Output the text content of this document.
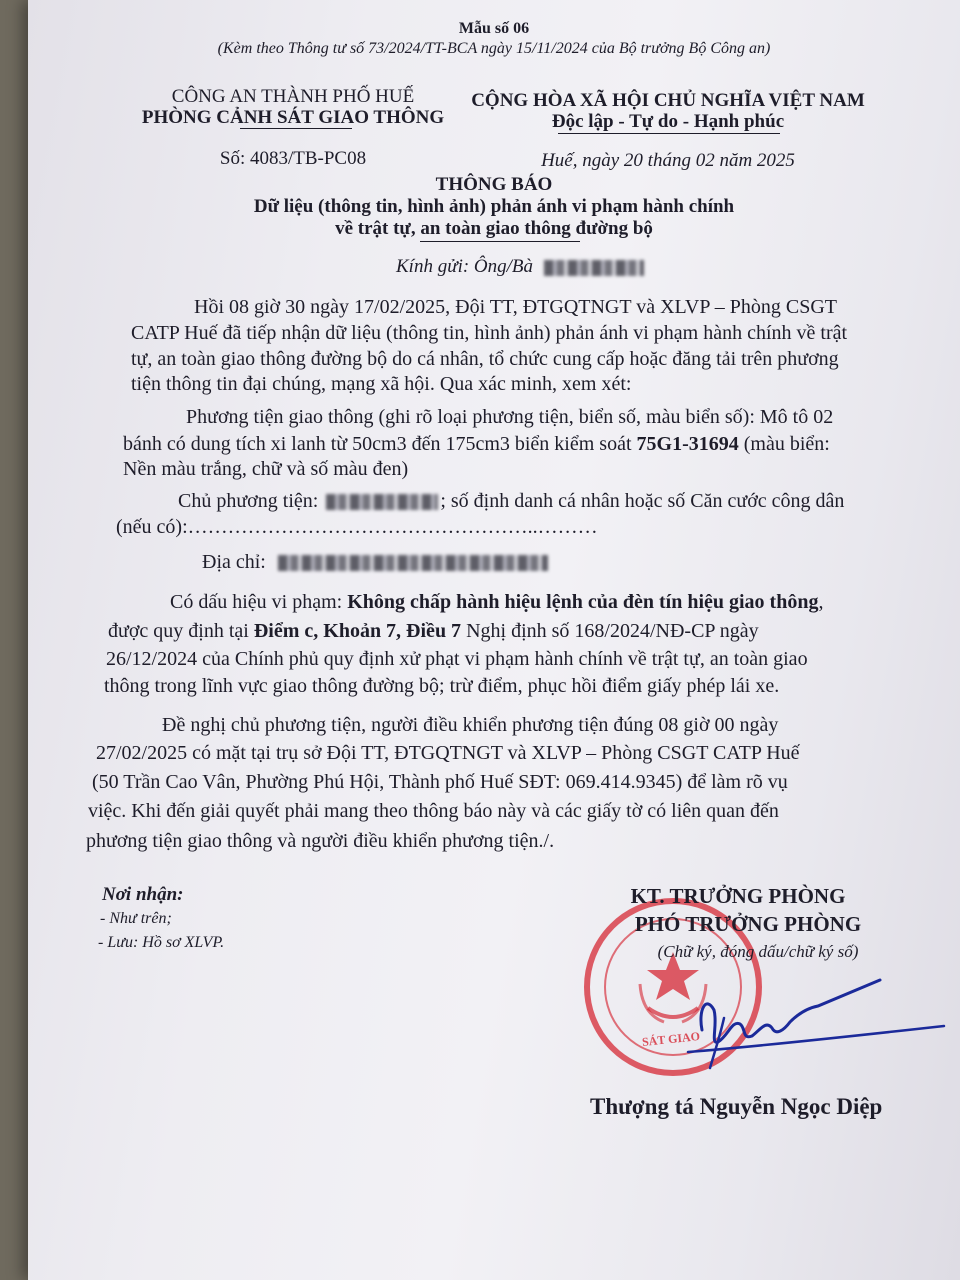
Mẫu số 06
(Kèm theo Thông tư số 73/2024/TT-BCA ngày 15/11/2024 của Bộ trưởng Bộ Công an)
CÔNG AN THÀNH PHỐ HUẾ
PHÒNG CẢNH SÁT GIAO THÔNG
Số: 4083/TB-PC08
CỘNG HÒA XÃ HỘI CHỦ NGHĨA VIỆT NAM
Độc lập - Tự do - Hạnh phúc
Huế, ngày 20 tháng 02 năm 2025
THÔNG BÁO
Dữ liệu (thông tin, hình ảnh) phản ánh vi phạm hành chính
về trật tự, an toàn giao thông đường bộ
Kính gửi: Ông/Bà
Hồi 08 giờ 30 ngày 17/02/2025, Đội TT, ĐTGQTNGT và XLVP – Phòng CSGT
CATP Huế đã tiếp nhận dữ liệu (thông tin, hình ảnh) phản ánh vi phạm hành chính về trật
tự, an toàn giao thông đường bộ do cá nhân, tổ chức cung cấp hoặc đăng tải trên phương
tiện thông tin đại chúng, mạng xã hội. Qua xác minh, xem xét:
Phương tiện giao thông (ghi rõ loại phương tiện, biển số, màu biển số): Mô tô 02
bánh có dung tích xi lanh từ 50cm3 đến 175cm3 biển kiểm soát 75G1-31694 (màu biển:
Nền màu trắng, chữ và số màu đen)
Chủ phương tiện:	; số định danh cá nhân hoặc số Căn cước công dân
(nếu có):……………………………………………..………
Địa chỉ:
Có dấu hiệu vi phạm: Không chấp hành hiệu lệnh của đèn tín hiệu giao thông,
được quy định tại Điểm c, Khoản 7, Điều 7 Nghị định số 168/2024/NĐ-CP ngày
26/12/2024 của Chính phủ quy định xử phạt vi phạm hành chính về trật tự, an toàn giao
thông trong lĩnh vực giao thông đường bộ; trừ điểm, phục hồi điểm giấy phép lái xe.
Đề nghị chủ phương tiện, người điều khiển phương tiện đúng 08 giờ 00 ngày
27/02/2025 có mặt tại trụ sở Đội TT, ĐTGQTNGT và XLVP – Phòng CSGT CATP Huế
(50 Trần Cao Vân, Phường Phú Hội, Thành phố Huế SĐT: 069.414.9345) để làm rõ vụ
việc. Khi đến giải quyết phải mang theo thông báo này và các giấy tờ có liên quan đến
phương tiện giao thông và người điều khiển phương tiện./.
Nơi nhận:
- Như trên;
- Lưu: Hồ sơ XLVP.
SÁT GIAO
KT. TRƯỞNG PHÒNG
PHÓ TRƯỞNG PHÒNG
(Chữ ký, đóng dấu/chữ ký số)
Thượng tá Nguyễn Ngọc Diệp
